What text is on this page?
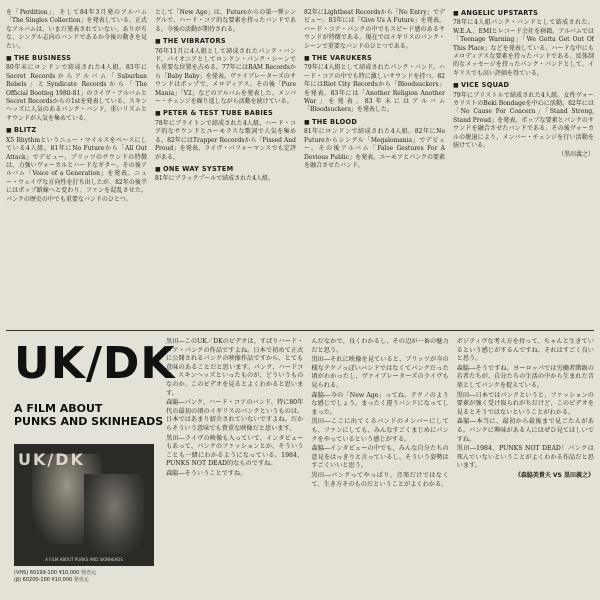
を「Perdition」、そして84年3月発のアルバム「The Singles Collection」を発表している。正式なアルバムは、いまだ発表されていない。ありがちな、シングル志向のバンドであるか今後の動きを見たい。

■ THE BUSINESS

80年末にロンドンで結成された4人組。83年にSecret Recordsからアルバム「Suburban Rebels」とSyndicate Recordsから「The Official Bootleg 1980-81」のライヴ・アルバムとSecret Recordsからの1stを発表している。スキンヘッズに人気のあるパンク・バンド。重いリズムとサウンドが人気を集めている。

■ BLITZ

X5 Rhythmというニュー・マイルスをベースにしている4人組。81年にNo Futureから「All Out Attack」でデビュー。ブリッツのサウンドの特徴は、力強いヴォーカルとハードなギター。その後アルバム「Voice of a Generation」を発表。ニュー・ウェイヴな方向性を打ち出したが、82年の後半にはポップ路線へと変わり、ファンを混乱させた。パンクの歴史の中でも重要なバンドのひとつ。

として「New Age」は、Futureからの第一弾シングルで、ハード・コア的な要素を持ったバンドである。今後の活動が期待される。

■ THE VIBRATORS

76年11月に4人組として結成されたパンク・バンド。パイオニアとしてロンドン・パンク・シーンでも重要な位置を占める。77年にはRAM Recordsから「Baby Baby」を発表。ヴァイブレーターズのサウンドはポップで、メロディアス。その後「Pure Mania」「V2」などのアルバムを発表した。メンバー・チェンジを繰り返しながら活動を続けている。

■ PETER & TEST TUBE BABIES

78年にブライトンで結成された4人組。ハード・コア的なサウンドとユーモラスな歌詞で人気を集める。82年にはTrapper Recordsから「Pissed And Proud」を発表。ライヴ・パフォーマンスでも定評がある。

■ ONE WAY SYSTEM

81年にブラックプールで結成された4人組。

82年にLightbeat Recordsから「No Entry」でデビュー。83年には「Give Us A Future」を発表。ハード・コア・パンクの中でもスピード感のあるサウンドが特徴である。現在ではイギリスのパンク・シーンで重要なバンドのひとつである。

■ THE VARUKERS

79年に4人組として結成されたパンク・バンド。ハード・コアの中でも特に激しいサウンドを持つ。82年にはRiot City Recordsから「Bloodsuckers」を発表。83年には「Another Religion Another War」を発表。83年末にはアルバム「Bloodsuckers」を発表した。

■ THE BLOOD

81年にロンドンで結成された4人組。82年にNo Futureからシングル「Megalomania」でデビュー。その後アルバム「False Gestures For A Devious Public」を発表。ユーモアとパンクの要素を融合させたバンド。

■ ANGELIC UPSTARTS

78年に4人組パンク・バンドとして結成された。W.E.A.、EMIとレコード会社を移籍。アルバムでは「Teenage Warning」「We Gotta Get Out Of This Place」などを発表している。ハードな中にもメロディアスな要素を持ったバンドである。反体制的なメッセージを持ったパンク・バンドとして、イギリスでも高い評価を得ている。

■ VICE SQUAD

79年にブリストルで結成された4人組。女性ヴォーカリストのBeki Bondageを中心に活動。82年には「No Cause For Concern」「Stand Strong, Stand Proud」を発表。ポップな要素とパンクのサウンドを融合させたバンドである。その後ヴォーカルの脱退により、メンバー・チェンジを行い活動を続けている。

（黒田義之）

UK/DK
A FILM ABOUT
PUNKS AND SKINHEADS
UK/DK
A FILM ABOUT PUNKS AND SKINHEADS

(VHS) 60199-100 ¥10,000 発売元

(β) 60200-100 ¥10,000 発売元

黒田―このUK／DKのビデオは、すばりハード・コア・パンクの作品ですよね。日本で初めて正式に公開されるパンクの映像作品ですから、とても意味のあることだと思います。パンク、ハードコア、スキンヘッズといったものが、どういうものなのか、このビデオを見るとよくわかると思います。

森脇―パンク、ハード・コアのバンド、特に80年代の最初の頃のイギリスのパンクというものは、日本ではあまり紹介されていないですよね。だからそういう意味でも貴重な映像だと思います。

黒田―ライヴの映像も入っていて、インタビューもあって、パンクのファッションとか、そういうことも一緒にわかるようになっている。1984、PUNKS NOT DEAD的なものですね。

森脇―そういうことですね。

んだなかで、良くわかるし、その辺が一番の魅力だと思う。

黒田―それに映像を見ていると、ブリッツが今の様なテクノっぽいバンドではなくてパンクだった頃がわかったし、ヴァイブレーターズのライヴも見られる。

森脇―今の「New Age」ってね、テクノのような感じでしょう。まったく違うバンドになってしまった。

黒田―ここに出てくるバンドのメンバーにしても、ファンにしても、みんなすごくまじめにパンクをやっているという感じがする。

森脇―インタビューの中でも、みんな自分たちの意見をはっきりと言っているし、そういう姿勢はすごくいいと思う。

黒田―パンクってやっぱり、音楽だけではなくて、生き方そのものだということがよくわかる。

ポジティヴな考え方を持って、ちゃんと生きているという感じがするんですね。それはすごく良いと思う。

森脇―そうですね。ヨーロッパでは労働者階級の若者たちが、自分たちの生活の中から生まれた音楽としてパンクを捉えている。

黒田―日本ではパンクというと、ファッションの要素が強く受け取られがちだけど、このビデオを見るとそうではないということがわかる。

森脇―本当に、最初から最後まで見ごたえがある。パンクに興味がある人にはぜひ見てほしいですね。

黒田―1984、PUNKS NOT DEAD！パンクは死んでいないということがよくわかる作品だと思います。

《森脇美貴夫 VS 黒田義之》
